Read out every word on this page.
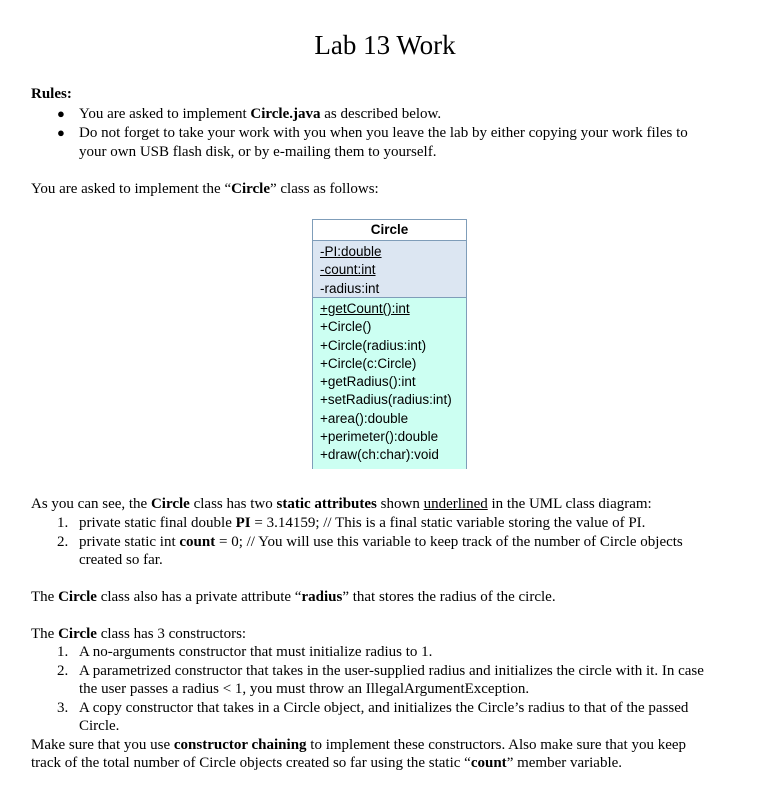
Lab 13 Work
Rules:
● You are asked to implement Circle.java as described below.
● Do not forget to take your work with you when you leave the lab by either copying your work files to
your own USB flash disk, or by e-mailing them to yourself.
You are asked to implement the “Circle” class as follows:
Circle
-PI:double
-count:int
-radius:int
+getCount():int
+Circle()
+Circle(radius:int)
+Circle(c:Circle)
+getRadius():int
+setRadius(radius:int)
+area():double
+perimeter():double
+draw(ch:char):void
As you can see, the Circle class has two static attributes shown underlined in the UML class diagram:
1. private static final double PI = 3.14159; // This is a final static variable storing the value of PI.
2. private static int count = 0; // You will use this variable to keep track of the number of Circle objects
created so far.
The Circle class also has a private attribute “radius” that stores the radius of the circle.
The Circle class has 3 constructors:
1. A no-arguments constructor that must initialize radius to 1.
2. A parametrized constructor that takes in the user-supplied radius and initializes the circle with it. In case
the user passes a radius < 1, you must throw an IllegalArgumentException.
3. A copy constructor that takes in a Circle object, and initializes the Circle’s radius to that of the passed
Circle.
Make sure that you use constructor chaining to implement these constructors. Also make sure that you keep
track of the total number of Circle objects created so far using the static “count” member variable.
